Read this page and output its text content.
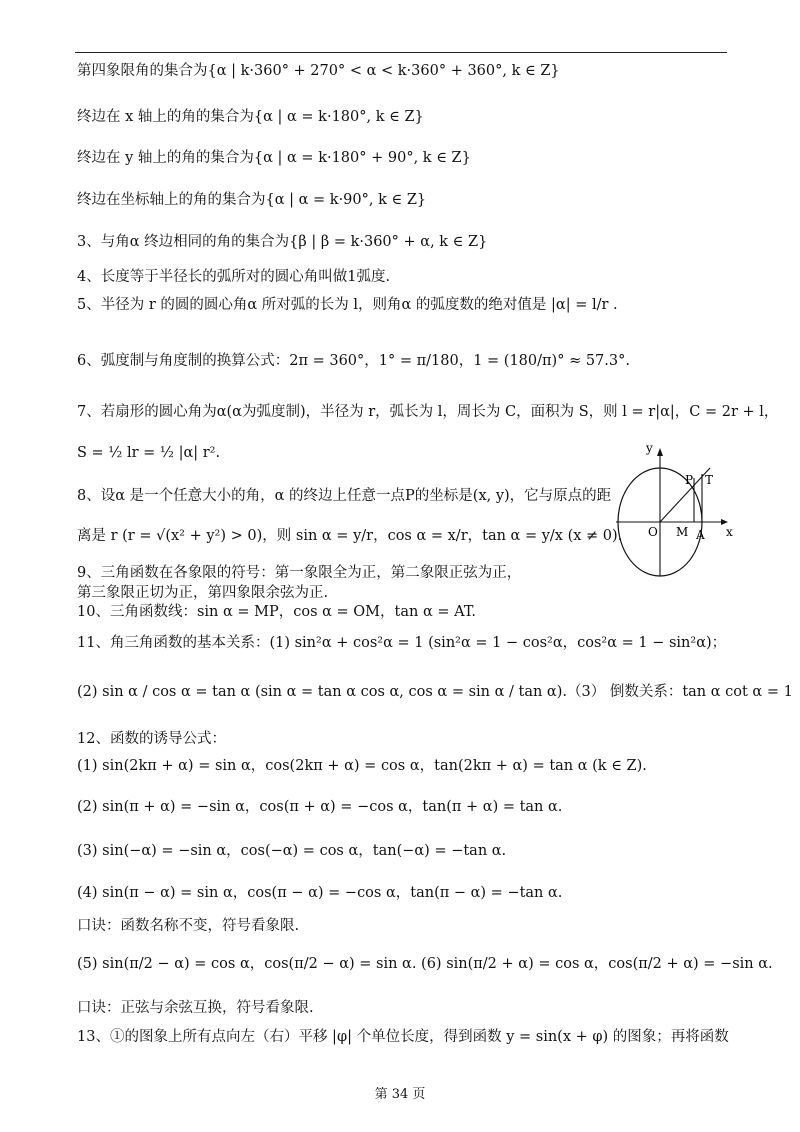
第四象限角的集合为{α | k·360° + 270° < α < k·360° + 360°, k ∈ Z}
终边在 x 轴上的角的集合为{α | α = k·180°, k ∈ Z}
终边在 y 轴上的角的集合为{α | α = k·180° + 90°, k ∈ Z}
终边在坐标轴上的角的集合为{α | α = k·90°, k ∈ Z}
3、与角α 终边相同的角的集合为{β | β = k·360° + α, k ∈ Z}
4、长度等于半径长的弧所对的圆心角叫做1弧度.
5、半径为 r 的圆的圆心角α 所对弧的长为 l，则角α 的弧度数的绝对值是 |α| = l/r .
6、弧度制与角度制的换算公式：2π = 360°，1° = π/180，1 = (180/π)° ≈ 57.3°.
7、若扇形的圆心角为α(α为弧度制)，半径为 r，弧长为 l，周长为 C，面积为 S，则 l = r|α|，C = 2r + l，
S = ½ lr = ½ |α| r².
8、设α 是一个任意大小的角，α 的终边上任意一点P的坐标是(x, y)，它与原点的距
离是 r (r = √(x² + y²) > 0)，则 sin α = y/r，cos α = x/r，tan α = y/x (x ≠ 0).
9、三角函数在各象限的符号：第一象限全为正，第二象限正弦为正，
第三象限正切为正，第四象限余弦为正.
10、三角函数线：sin α = MP，cos α = OM，tan α = AT.
11、角三角函数的基本关系：(1) sin²α + cos²α = 1 (sin²α = 1 − cos²α，cos²α = 1 − sin²α)；
(2) sin α / cos α = tan α (sin α = tan α cos α, cos α = sin α / tan α).（3） 倒数关系：tan α cot α = 1
12、函数的诱导公式：
(1) sin(2kπ + α) = sin α，cos(2kπ + α) = cos α，tan(2kπ + α) = tan α (k ∈ Z).
(2) sin(π + α) = −sin α，cos(π + α) = −cos α，tan(π + α) = tan α.
(3) sin(−α) = −sin α，cos(−α) = cos α，tan(−α) = −tan α.
(4) sin(π − α) = sin α，cos(π − α) = −cos α，tan(π − α) = −tan α.
口诀：函数名称不变，符号看象限.
(5) sin(π/2 − α) = cos α，cos(π/2 − α) = sin α. (6) sin(π/2 + α) = cos α，cos(π/2 + α) = −sin α.
口诀：正弦与余弦互换，符号看象限.
13、①的图象上所有点向左（右）平移 |φ| 个单位长度，得到函数 y = sin(x + φ) 的图象；再将函数
y
x
O M A
P T
第 34 页
